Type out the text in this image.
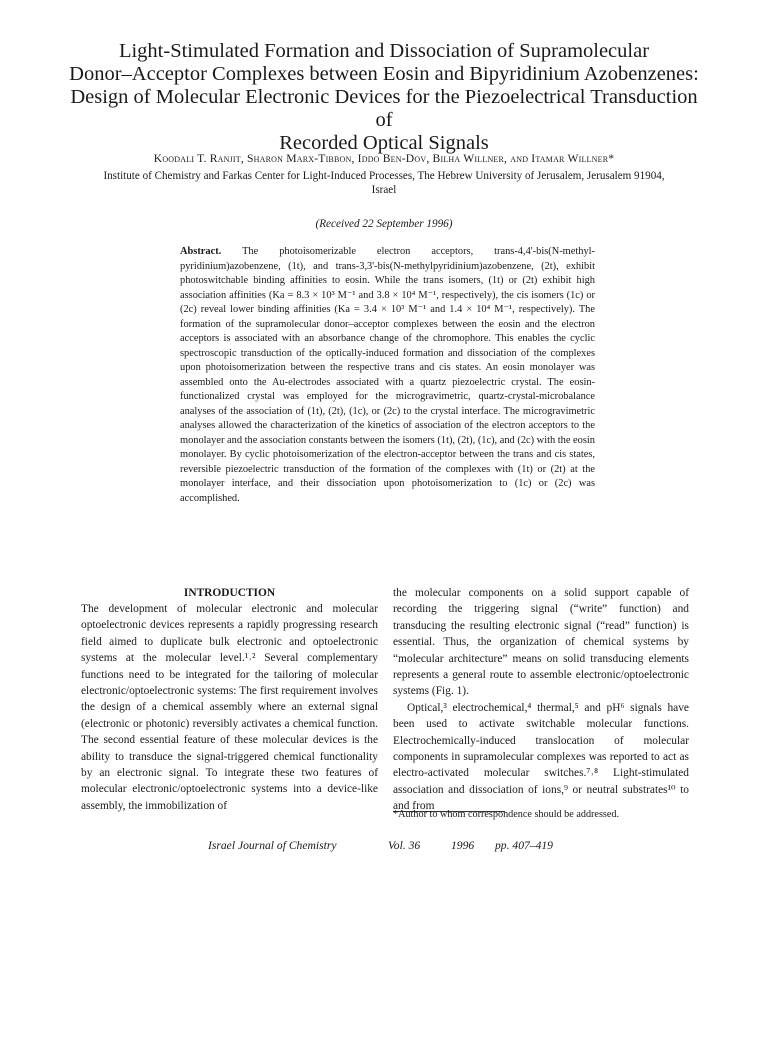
Light-Stimulated Formation and Dissociation of Supramolecular
Donor–Acceptor Complexes between Eosin and Bipyridinium Azobenzenes:
Design of Molecular Electronic Devices for the Piezoelectrical Transduction of
Recorded Optical Signals
Koodali T. Ranjit, Sharon Marx-Tibbon, Iddo Ben-Dov, Bilha Willner, and Itamar Willner*
Institute of Chemistry and Farkas Center for Light-Induced Processes, The Hebrew University of Jerusalem, Jerusalem 91904,
Israel
(Received 22 September 1996)
Abstract. The photoisomerizable electron acceptors, trans-4,4'-bis(N-methyl-pyridinium)azobenzene, (1t), and trans-3,3'-bis(N-methylpyridinium)azobenzene, (2t), exhibit photoswitchable binding affinities to eosin. While the trans isomers, (1t) or (2t) exhibit high association affinities (Ka = 8.3 × 10³ M⁻¹ and 3.8 × 10⁴ M⁻¹, respectively), the cis isomers (1c) or (2c) reveal lower binding affinities (Ka = 3.4 × 10³ M⁻¹ and 1.4 × 10⁴ M⁻¹, respectively). The formation of the supramolecular donor–acceptor complexes between the eosin and the electron acceptors is associated with an absorbance change of the chromophore. This enables the cyclic spectroscopic transduction of the optically-induced formation and dissociation of the complexes upon photoisomerization between the respective trans and cis states. An eosin monolayer was assembled onto the Au-electrodes associated with a quartz piezoelectric crystal. The eosin-functionalized crystal was employed for the microgravimetric, quartz-crystal-microbalance analyses of the association of (1t), (2t), (1c), or (2c) to the crystal interface. The microgravimetric analyses allowed the characterization of the kinetics of association of the electron acceptors to the monolayer and the association constants between the isomers (1t), (2t), (1c), and (2c) with the eosin monolayer. By cyclic photoisomerization of the electron-acceptor between the trans and cis states, reversible piezoelectric transduction of the formation of the complexes with (1t) or (2t) at the monolayer interface, and their dissociation upon photoisomerization to (1c) or (2c) was accomplished.
INTRODUCTION

The development of molecular electronic and molecular optoelectronic devices represents a rapidly progressing research field aimed to duplicate bulk electronic and optoelectronic systems at the molecular level.¹˒² Several complementary functions need to be integrated for the tailoring of molecular electronic/optoelectronic systems: The first requirement involves the design of a chemical assembly where an external signal (electronic or photonic) reversibly activates a chemical function. The second essential feature of these molecular devices is the ability to transduce the signal-triggered chemical functionality by an electronic signal. To integrate these two features of molecular electronic/optoelectronic systems into a device-like assembly, the immobilization of

the molecular components on a solid support capable of recording the triggering signal (“write” function) and transducing the resulting electronic signal (“read” function) is essential. Thus, the organization of chemical systems by “molecular architecture” means on solid transducing elements represents a general route to assemble electronic/optoelectronic systems (Fig. 1).

Optical,³ electrochemical,⁴ thermal,⁵ and pH⁶ signals have been used to activate switchable molecular functions. Electrochemically-induced translocation of molecular components in supramolecular complexes was reported to act as electro-activated molecular switches.⁷˒⁸ Light-stimulated association and dissociation of ions,⁹ or neutral substrates¹⁰ to and from

*Author to whom correspondence should be addressed.
Israel Journal of Chemistry	Vol. 36	1996 pp. 407–419
